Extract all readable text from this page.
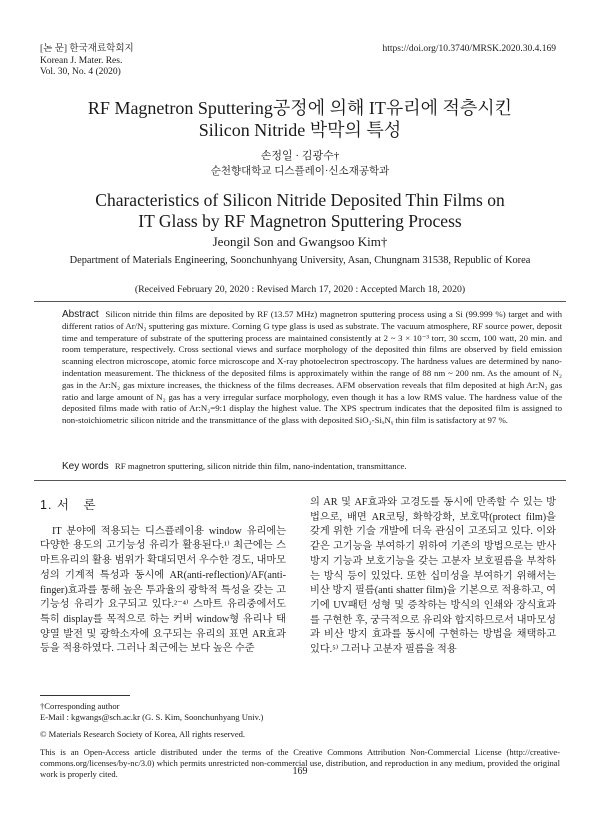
[논 문] 한국재료학회지
Korean J. Mater. Res.
Vol. 30, No. 4 (2020)
https://doi.org/10.3740/MRSK.2020.30.4.169
RF Magnetron Sputtering공정에 의해 IT유리에 적층시킨
Silicon Nitride 박막의 특성
손정일 · 김광수†
순천향대학교 디스플레이·신소재공학과
Characteristics of Silicon Nitride Deposited Thin Films on
IT Glass by RF Magnetron Sputtering Process
Jeongil Son and Gwangsoo Kim†
Department of Materials Engineering, Soonchunhyang University, Asan, Chungnam 31538, Republic of Korea
(Received February 20, 2020 : Revised March 17, 2020 : Accepted March 18, 2020)
Abstract Silicon nitride thin films are deposited by RF (13.57 MHz) magnetron sputtering process using a Si (99.999 %) target and with different ratios of Ar/N₂ sputtering gas mixture. Corning G type glass is used as substrate. The vacuum atmosphere, RF source power, deposit time and temperature of substrate of the sputtering process are maintained consistently at 2 ~ 3 × 10⁻³ torr, 30 sccm, 100 watt, 20 min. and room temperature, respectively. Cross sectional views and surface morphology of the deposited thin films are observed by field emission scanning electron microscope, atomic force microscope and X-ray photoelectron spectroscopy. The hardness values are determined by nano-indentation measurement. The thickness of the deposited films is approximately within the range of 88 nm ~ 200 nm. As the amount of N₂ gas in the Ar:N₂ gas mixture increases, the thickness of the films decreases. AFM observation reveals that film deposited at high Ar:N₂ gas ratio and large amount of N₂ gas has a very irregular surface morphology, even though it has a low RMS value. The hardness value of the deposited films made with ratio of Ar:N₂=9:1 display the highest value. The XPS spectrum indicates that the deposited film is assigned to non-stoichiometric silicon nitride and the transmittance of the glass with deposited SiO₂-SiₓNᵧ thin film is satisfactory at 97 %.
Key words RF magnetron sputtering, silicon nitride thin film, nano-indentation, transmittance.
1. 서　론

IT 분야에 적용되는 디스플레이용 window 유리에는 다양한 용도의 고기능성 유리가 활용된다.¹⁾ 최근에는 스마트유리의 활용 범위가 확대되면서 우수한 경도, 내마모성의 기계적 특성과 동시에 AR(anti-reflection)/AF(anti-finger)효과를 통해 높은 투과율의 광학적 특성을 갖는 고기능성 유리가 요구되고 있다.²⁻⁴⁾ 스마트 유리중에서도 특히 display를 목적으로 하는 커버 window형 유리나 태양열 발전 및 광학소자에 요구되는 유리의 표면 AR효과 등을 적용하였다. 그러나 최근에는 보다 높은 수준

의 AR 및 AF효과와 고경도를 동시에 만족할 수 있는 방법으로, 배면 AR코팅, 화학강화, 보호막(protect film)을 갖게 위한 기술 개발에 더욱 관심이 고조되고 있다. 이와 같은 고기능을 부여하기 위하여 기존의 방법으로는 반사방지 기능과 보호기능을 갖는 고분자 보호필름을 부착하는 방식 등이 있었다. 또한 십미성을 부여하기 위해서는 비산 방지 필름(anti shatter film)을 기본으로 적용하고, 여기에 UV패턴 성형 및 증착하는 방식의 인쇄와 장식효과를 구현한 후, 궁극적으로 유리와 합지하므로서 내마모성과 비산 방지 효과를 동시에 구현하는 방법을 채택하고 있다.⁵⁾ 그러나 고분자 필름을 적용

†Corresponding author
E-Mail : kgwangs@sch.ac.kr (G. S. Kim, Soonchunhyang Univ.)
© Materials Research Society of Korea, All rights reserved.
This is an Open-Access article distributed under the terms of the Creative Commons Attribution Non-Commercial License (http://creative-commons.org/licenses/by-nc/3.0) which permits unrestricted non-commercial use, distribution, and reproduction in any medium, provided the original work is properly cited.	169
